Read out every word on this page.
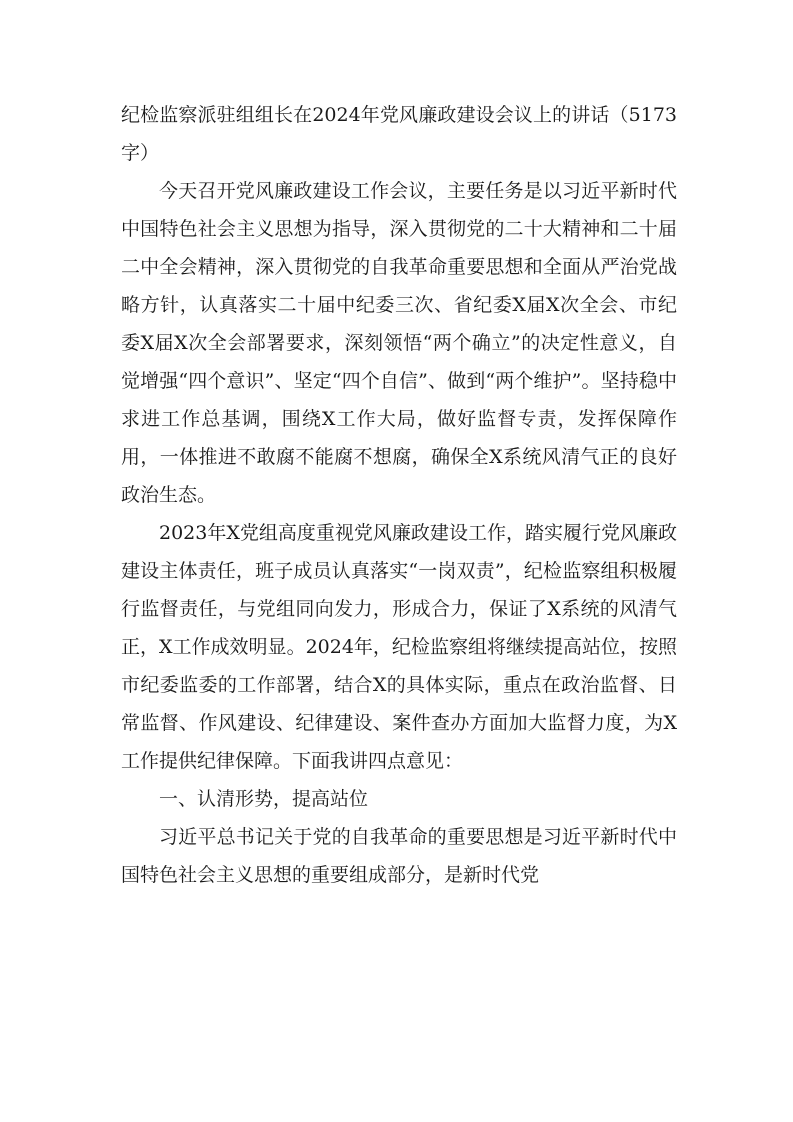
纪检监察派驻组组长在2024年党风廉政建设会议上的讲话（5173字）

今天召开党风廉政建设工作会议，主要任务是以习近平新时代中国特色社会主义思想为指导，深入贯彻党的二十大精神和二十届二中全会精神，深入贯彻党的自我革命重要思想和全面从严治党战略方针，认真落实二十届中纪委三次、省纪委X届X次全会、市纪委X届X次全会部署要求，深刻领悟“两个确立”的决定性意义，自觉增强“四个意识”、坚定“四个自信”、做到“两个维护”。坚持稳中求进工作总基调，围绕X工作大局，做好监督专责，发挥保障作用，一体推进不敢腐不能腐不想腐，确保全X系统风清气正的良好政治生态。

2023年X党组高度重视党风廉政建设工作，踏实履行党风廉政建设主体责任，班子成员认真落实“一岗双责”，纪检监察组积极履行监督责任，与党组同向发力，形成合力，保证了X系统的风清气正，X工作成效明显。2024年，纪检监察组将继续提高站位，按照市纪委监委的工作部署，结合X的具体实际，重点在政治监督、日常监督、作风建设、纪律建设、案件查办方面加大监督力度，为X工作提供纪律保障。下面我讲四点意见：

一、认清形势，提高站位

习近平总书记关于党的自我革命的重要思想是习近平新时代中国特色社会主义思想的重要组成部分，是新时代党
